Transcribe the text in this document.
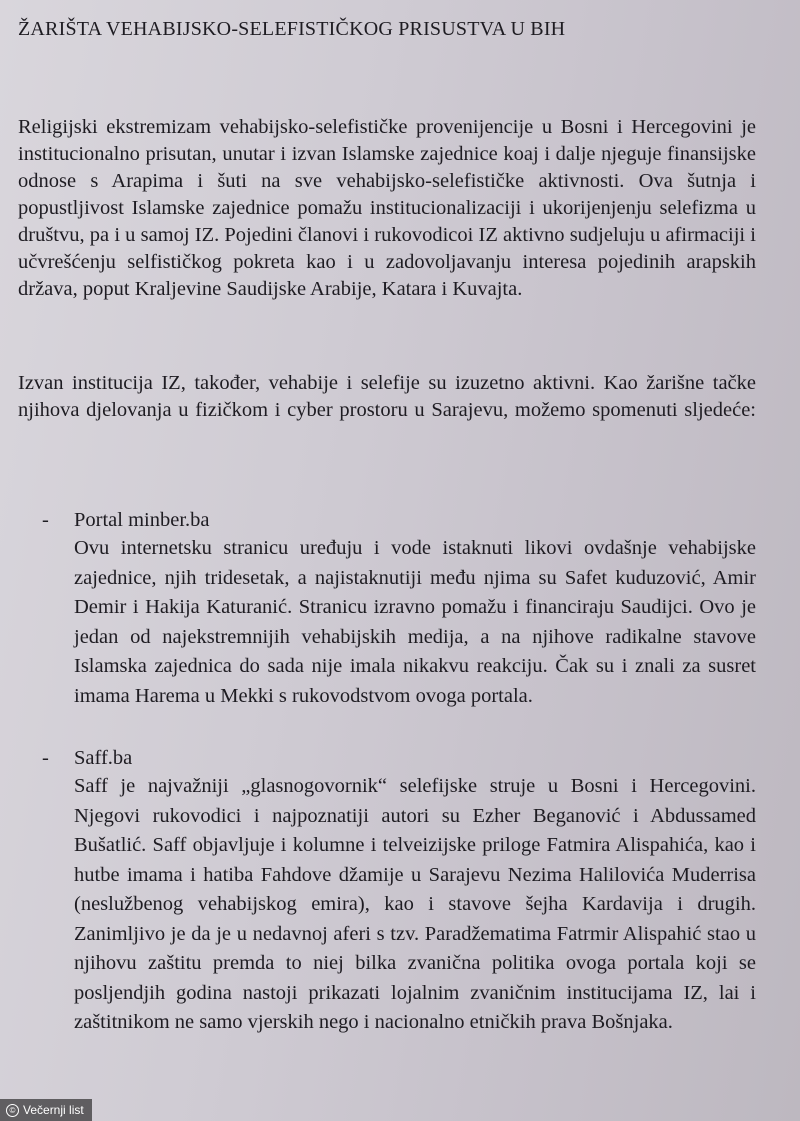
ŽARIŠTA VEHABIJSKO-SELEFISTIČKOG PRISUSTVA U BIH

Religijski ekstremizam vehabijsko-selefističke provenijencije u Bosni i Hercegovini je institucionalno prisutan, unutar i izvan Islamske zajednice koaj i dalje njeguje finansijske odnose s Arapima i šuti na sve vehabijsko-selefističke aktivnosti. Ova šutnja i popustljivost Islamske zajednice pomažu institucionalizaciji i ukorijenjenju selefizma u društvu, pa i u samoj IZ. Pojedini članovi i rukovodicoi IZ aktivno sudjeluju u afirmaciji i učvrešćenju selfističkog pokreta kao i u zadovoljavanju interesa pojedinih arapskih država, poput Kraljevine Saudijske Arabije, Katara i Kuvajta.

Izvan institucija IZ, također, vehabije i selefije su izuzetno aktivni. Kao žarišne tačke njihova djelovanja u fizičkom i cyber prostoru u Sarajevu, možemo spomenuti sljedeće:

- Portal minber.ba

Ovu internetsku stranicu uređuju i vode istaknuti likovi ovdašnje vehabijske zajednice, njih tridesetak, a najistaknutiji među njima su Safet kuduzović, Amir Demir i Hakija Katuranić. Stranicu izravno pomažu i financiraju Saudijci. Ovo je jedan od najekstremnijih vehabijskih medija, a na njihove radikalne stavove Islamska zajednica do sada nije imala nikakvu reakciju. Čak su i znali za susret imama Harema u Mekki s rukovodstvom ovoga portala.

- Saff.ba

Saff je najvažniji „glasnogovornik“ selefijske struje u Bosni i Hercegovini. Njegovi rukovodici i najpoznatiji autori su Ezher Beganović i Abdussamed Bušatlić. Saff objavljuje i kolumne i telveizijske priloge Fatmira Alispahića, kao i hutbe imama i hatiba Fahdove džamije u Sarajevu Nezima Halilovića Muderrisa (neslužbenog vehabijskog emira), kao i stavove šejha Kardavija i drugih. Zanimljivo je da je u nedavnoj aferi s tzv. Paradžematima Fatrmir Alispahić stao u njihovu zaštitu premda to niej bilka zvanična politika ovoga portala koji se posljendjih godina nastoji prikazati lojalnim zvaničnim institucijama IZ, lai i zaštitnikom ne samo vjerskih nego i nacionalno etničkih prava Bošnjaka.

© Večernji list
